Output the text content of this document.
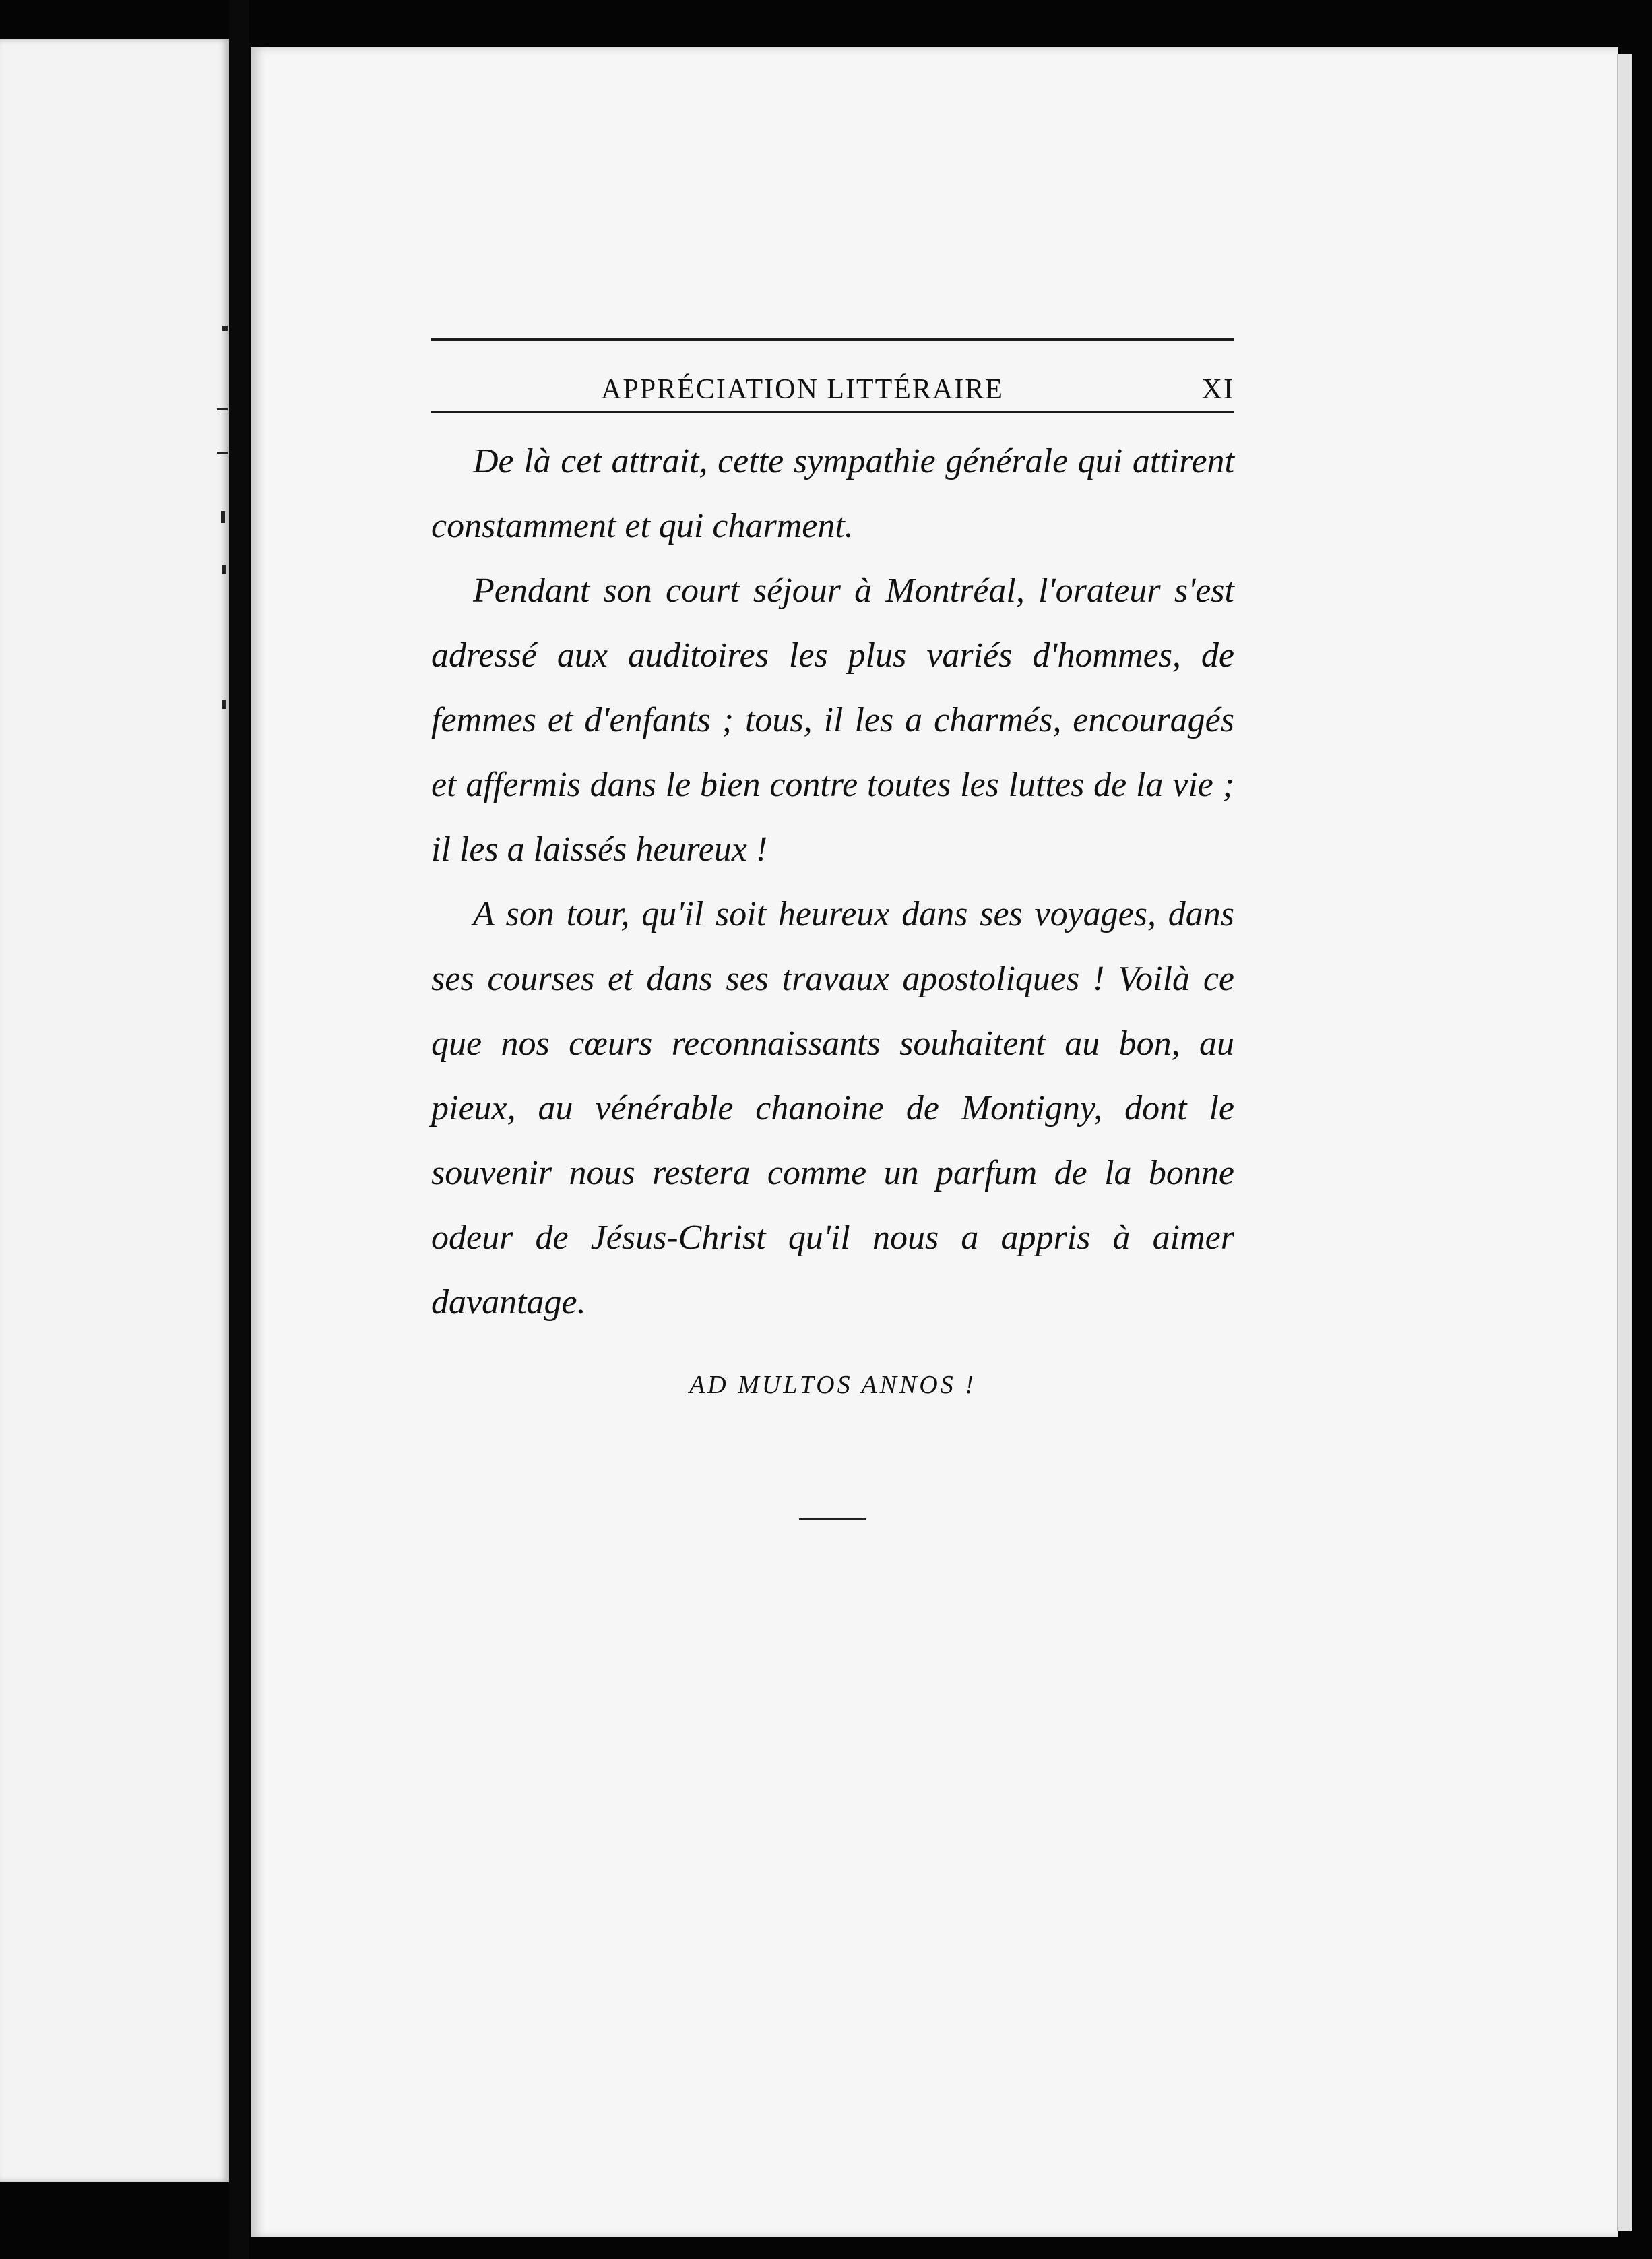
APPRÉCIATION LITTÉRAIRE	XI

De là cet attrait, cette sympathie générale qui attirent constamment et qui charment.

Pendant son court séjour à Montréal, l'orateur s'est adressé aux auditoires les plus variés d'hommes, de femmes et d'enfants ; tous, il les a charmés, encouragés et affermis dans le bien contre toutes les luttes de la vie ; il les a laissés heureux !

A son tour, qu'il soit heureux dans ses voyages, dans ses courses et dans ses travaux apostoliques ! Voilà ce que nos cœurs reconnaissants souhaitent au bon, au pieux, au vénérable chanoine de Montigny, dont le souvenir nous restera comme un parfum de la bonne odeur de Jésus-Christ qu'il nous a appris à aimer davantage.

AD MULTOS ANNOS !
